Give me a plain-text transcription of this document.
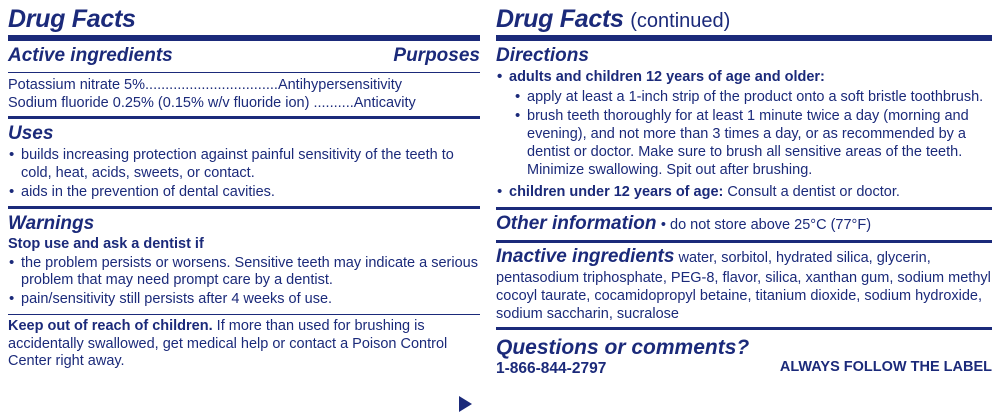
Drug Facts
Active ingredients	Purposes
Potassium nitrate 5%.................................Antihypersensitivity
Sodium fluoride 0.25% (0.15% w/v fluoride ion) ..........Anticavity
Uses
• builds increasing protection against painful sensitivity of the teeth to cold, heat, acids, sweets, or contact.
• aids in the prevention of dental cavities.
Warnings
Stop use and ask a dentist if
• the problem persists or worsens. Sensitive teeth may indicate a serious problem that may need prompt care by a dentist.
• pain/sensitivity still persists after 4 weeks of use.
Keep out of reach of children. If more than used for brushing is accidentally swallowed, get medical help or contact a Poison Control Center right away.
Drug Facts (continued)
Directions
• adults and children 12 years of age and older:
• apply at least a 1-inch strip of the product onto a soft bristle toothbrush.
• brush teeth thoroughly for at least 1 minute twice a day (morning and evening), and not more than 3 times a day, or as recommended by a dentist or doctor. Make sure to brush all sensitive areas of the teeth. Minimize swallowing. Spit out after brushing.
• children under 12 years of age: Consult a dentist or doctor.
Other information • do not store above 25°C (77°F)
Inactive ingredients water, sorbitol, hydrated silica, glycerin, pentasodium triphosphate, PEG-8, flavor, silica, xanthan gum, sodium methyl cocoyl taurate, cocamidopropyl betaine, titanium dioxide, sodium hydroxide, sodium saccharin, sucralose
Questions or comments?
1-866-844-2797	ALWAYS FOLLOW THE LABEL
